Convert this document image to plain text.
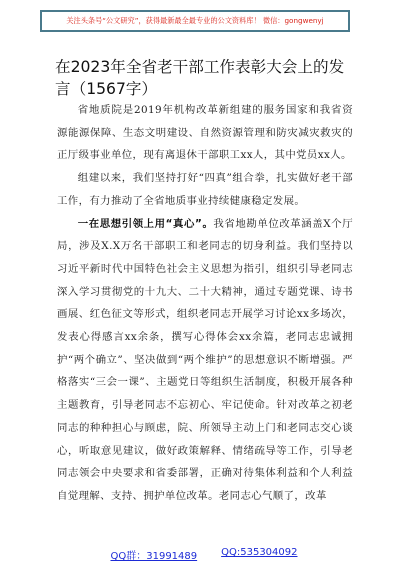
关注头条号“公文研究”，获得最新最全最专业的公文资料库！ 微信：gongwenyj
在2023年全省老干部工作表彰大会上的发言（1567字）

省地质院是2019年机构改革新组建的服务国家和我省资源能源保障、生态文明建设、自然资源管理和防灾减灾救灾的正厅级事业单位，现有离退休干部职工xx人，其中党员xx人。

组建以来，我们坚持打好“四真”组合拳，扎实做好老干部工作，有力推动了全省地质事业持续健康稳定发展。

一在思想引领上用“真心”。我省地勘单位改革涵盖X个厅局，涉及X.X万名干部职工和老同志的切身利益。我们坚持以习近平新时代中国特色社会主义思想为指引，组织引导老同志深入学习贯彻党的十九大、二十大精神，通过专题党课、诗书画展、红色征文等形式，组织老同志开展学习讨论xx多场次，发表心得感言xx余条，撰写心得体会xx余篇，老同志忠诚拥护“两个确立”、坚决做到“两个维护”的思想意识不断增强。严格落实“三会一课”、主题党日等组织生活制度，积极开展各种主题教育，引导老同志不忘初心、牢记使命。针对改革之初老同志的种种担心与顾虑，院、所领导主动上门和老同志交心谈心，听取意见建议，做好政策解释、情绪疏导等工作，引导老同志领会中央要求和省委部署，正确对待集体利益和个人利益自觉理解、支持、拥护单位改革。老同志心气顺了，改革

QQ群：31991489 QQ:535304092
